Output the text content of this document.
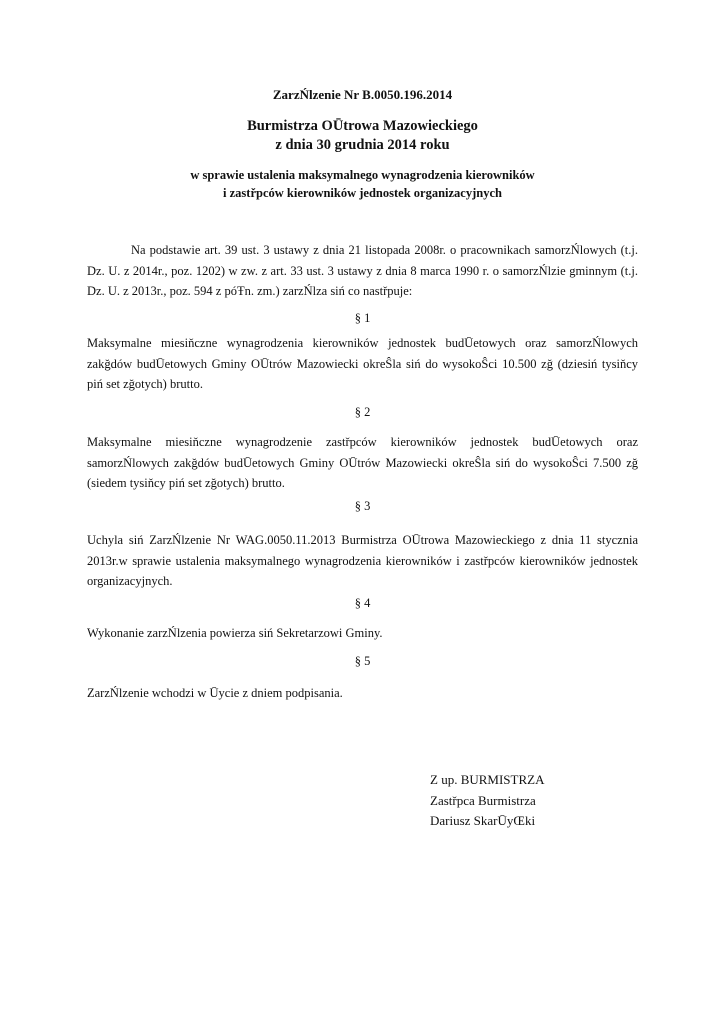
ZarzŃlzenie Nr B.0050.196.2014
Burmistrza OŪtrowa Mazowieckiego
z dnia 30 grudnia 2014 roku
w sprawie ustalenia maksymalnego wynagrodzenia kierowników
i zastřpców kierowników jednostek organizacyjnych
Na podstawie art. 39 ust. 3 ustawy z dnia 21 listopada 2008r. o pracownikach samorzŃlowych (t.j. Dz. U. z 2014r., poz. 1202) w zw. z art. 33 ust. 3 ustawy z dnia 8 marca 1990 r. o samorzŃlzie gminnym (t.j. Dz. U. z 2013r., poz. 594 z póŦn. zm.) zarzŃlza siń co nastřpuje:
§ 1
Maksymalne miesiňczne wynagrodzenia kierowników jednostek budŪetowych oraz samorzŃlowych zakğdów budŪetowych Gminy OŪtrów Mazowiecki okreŜla siń do wysokoŜci 10.500 zğ (dziesiń tysiňcy piń set zğotych) brutto.
§ 2
Maksymalne miesiňczne wynagrodzenie zastřpców kierowników jednostek budŪetowych oraz samorzŃlowych zakğdów budŪetowych Gminy OŪtrów Mazowiecki okreŜla siń do wysokoŜci 7.500 zğ (siedem tysiňcy piń set zğotych) brutto.
§ 3
Uchyla siń ZarzŃlzenie Nr WAG.0050.11.2013 Burmistrza OŪtrowa Mazowieckiego z dnia 11 stycznia 2013r.w sprawie ustalenia maksymalnego wynagrodzenia kierowników i zastřpców kierowników jednostek organizacyjnych.
§ 4
Wykonanie zarzŃlzenia powierza siń Sekretarzowi Gminy.
§ 5
ZarzŃlzenie wchodzi w Ūycie z dniem podpisania.
Z up. BURMISTRZA
Zastřpca Burmistrza
Dariusz SkarŪyŒki
